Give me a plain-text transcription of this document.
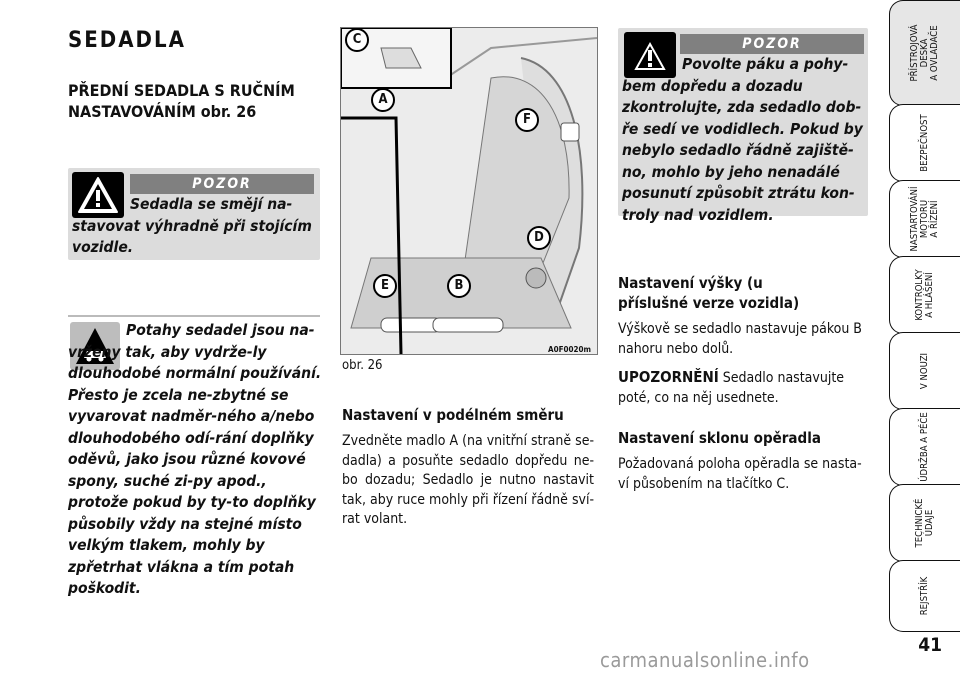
SEDADLA
PŘEDNÍ SEDADLA S RUČNÍM NASTAVOVÁNÍM obr. 26
POZOR
Sedadla se smějí na-stavovat výhradně při stojícím vozidle.
Potahy sedadel jsou na-vrženy tak, aby vydrže-ly dlouhodobé normální používání. Přesto je zcela ne-zbytné se vyvarovat nadměr-ného a/nebo dlouhodobého odí-rání doplňky oděvů, jako jsou různé kovové spony, suché zi-py apod., protože pokud by ty-to doplňky působily vždy na stejné místo velkým tlakem, mohly by zpřetrhat vlákna a tím potah poškodit.
C
A
F
D
E	B
obr. 26
A0F0020m
Nastavení v podélném směru
Zvedněte madlo A (na vnitřní straně se-dadla) a posuňte sedadlo dopředu ne-bo dozadu; Sedadlo je nutno nastavit tak, aby ruce mohly při řízení řádně sví-rat volant.
POZOR
Povolte páku a pohy-bem dopředu a dozadu zkontrolujte, zda sedadlo dob-ře sedí ve vodidlech. Pokud by nebylo sedadlo řádně zajiště-no, mohlo by jeho nenadálé posunutí způsobit ztrátu kon-troly nad vozidlem.
Nastavení výšky (u příslušné verze vozidla)
Výškově se sedadlo nastavuje pákou B nahoru nebo dolů.
UPOZORNĚNÍ Sedadlo nastavujte poté, co na něj usednete.
Nastavení sklonu opěradla
Požadovaná poloha opěradla se nasta-ví působením na tlačítko C.
PŘÍSTROJOVÁ
DESKA
A OVLADAČE
BEZPEČNOST
NASTARTOVÁNÍ
MOTORU
A ŘÍZENÍ
KONTROLKY
A HLÁŠENÍ
V NOUZI
ÚDRŽBA A PÉČE
TECHNICKÉ
ÚDAJE
REJSTŘÍK
41
carmanualsonline.info
